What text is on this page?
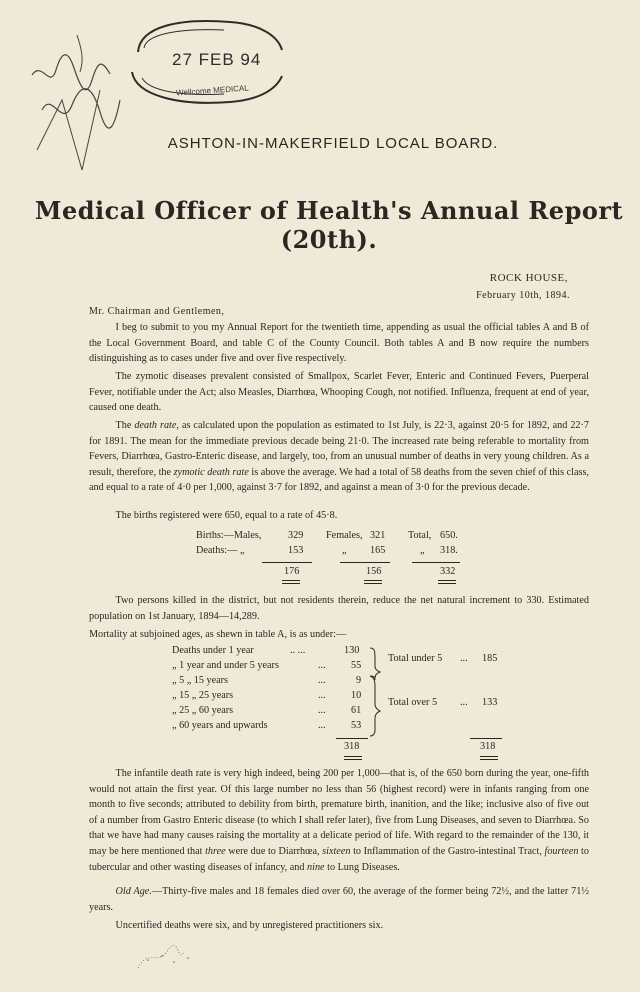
27 FEB 94
Wellcome MEDICAL
ASHTON-IN-MAKERFIELD LOCAL BOARD.
Medical Officer of Health's Annual Report (20th).
ROCK HOUSE,
February 10th, 1894.
Mr. Chairman and Gentlemen,

I beg to submit to you my Annual Report for the twentieth time, appending as usual the official tables A and B of the Local Government Board, and table C of the County Council. Both tables A and B now require the numbers distinguishing as to cases under five and over five respectively.

The zymotic diseases prevalent consisted of Smallpox, Scarlet Fever, Enteric and Continued Fevers, Puerperal Fever, notifiable under the Act; also Measles, Diarrhœa, Whooping Cough, not notified. Influenza, frequent at end of year, caused one death.

The death rate, as calculated upon the population as estimated to 1st July, is 22·3, against 20·5 for 1892, and 22·7 for 1891. The mean for the immediate previous decade being 21·0. The increased rate being referable to mortality from Fevers, Diarrhœa, Gastro-Enteric disease, and largely, too, from an unusual number of deaths in very young children. As a result, therefore, the zymotic death rate is above the average. We had a total of 58 deaths from the seven chief of this class, and equal to a rate of 4·0 per 1,000, against 3·7 for 1892, and against a mean of 3·0 for the previous decade.

The births registered were 650, equal to a rate of 45·8.

Births:—Males,	329 Females, 321 Total, 650.
Deaths:— „	153	„ 165	„ 318.
176	156	332

Two persons killed in the district, but not residents therein, reduce the net natural increment to 330. Estimated population on 1st January, 1894—14,289.

Mortality at subjoined ages, as shewn in table A, is as under:—

Deaths under 1 year	.. ...	130
„ 1 year and under 5 years	... 55
„ 5 „ 15 years	...	9
„ 15 „ 25 years	... 10
„ 25 „ 60 years	... 61
„ 60 years and upwards	... 53
Total under 5 ... 185
Total over 5 ... 133
318	318

The infantile death rate is very high indeed, being 200 per 1,000—that is, of the 650 born during the year, one-fifth would not attain the first year. Of this large number no less than 56 (highest record) were in infants ranging from one month to five seconds; attributed to debility from birth, premature birth, inanition, and the like; inclusive also of five out of a number from Gastro Enteric disease (to which I shall refer later), five from Lung Diseases, and seven to Diarrhœa. So that we have had many causes raising the mortality at a delicate period of life. With regard to the remainder of the 130, it may be here mentioned that three were due to Diarrhœa, sixteen to Inflammation of the Gastro-intestinal Tract, fourteen to tubercular and other wasting diseases of infancy, and nine to Lung Diseases.

Old Age.—Thirty-five males and 18 females died over 60, the average of the former being 72½, and the latter 71½ years.

Uncertified deaths were six, and by unregistered practitioners six.
